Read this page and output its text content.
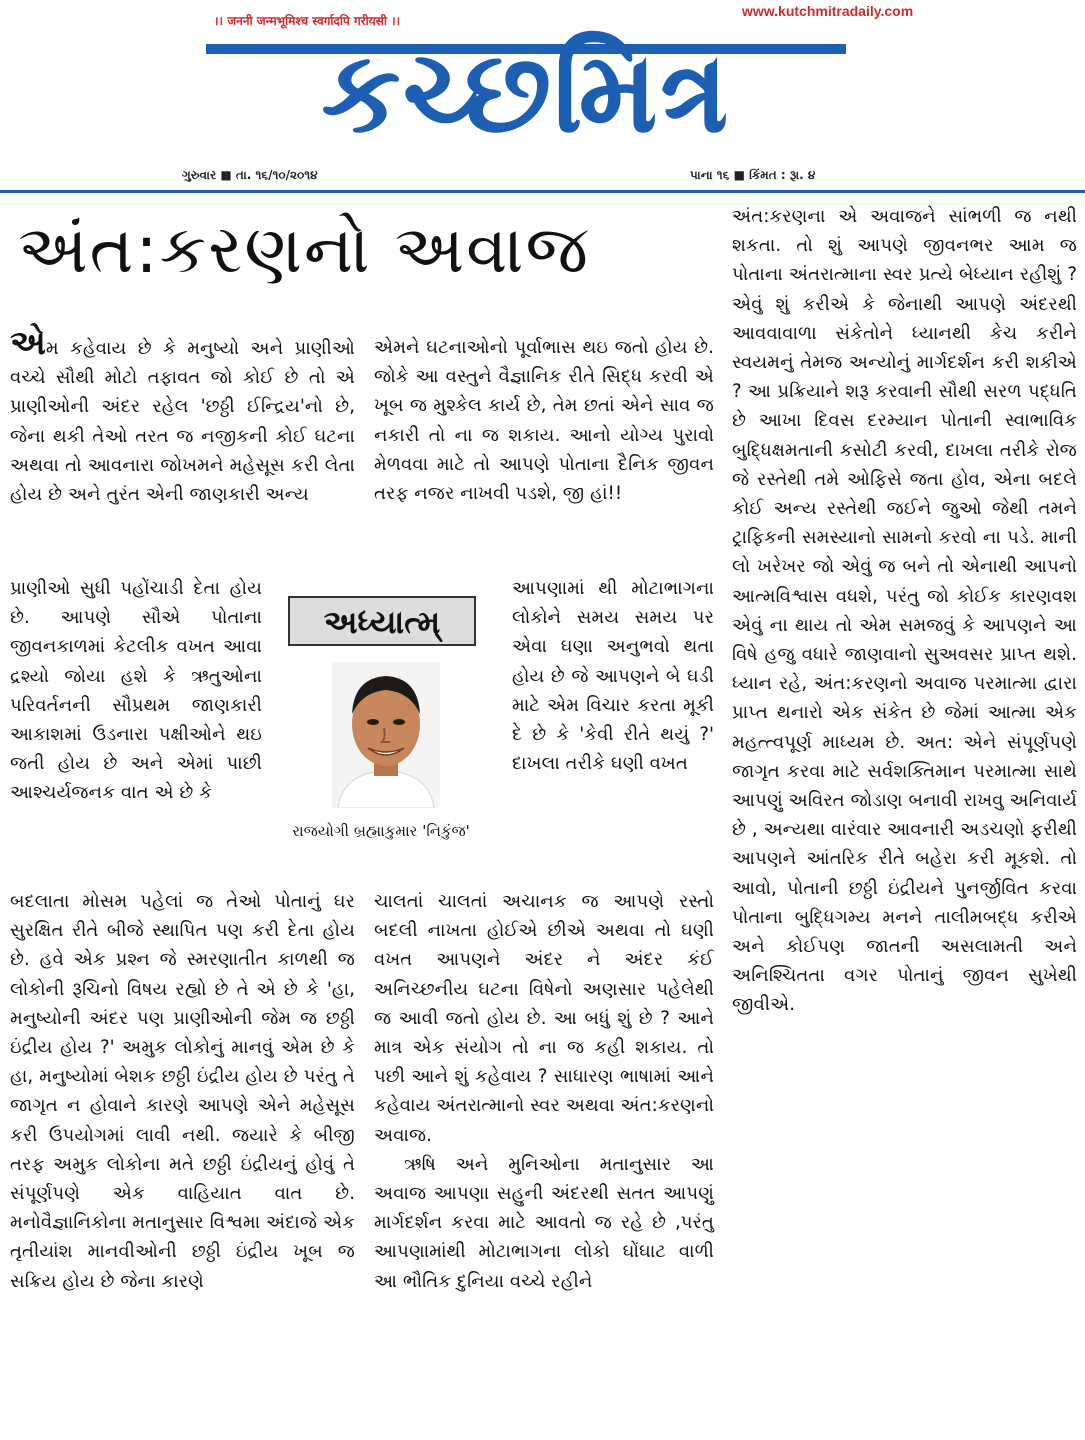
।। जननी जन्मभूमिश्च स्वर्गादपि गरीयसी ।।
www.kutchmitradaily.com
કચ્છમિત્ર
ગુરુવાર ■ તા. ૧૬/૧૦/૨૦૧૪	પાના ૧૬ ■ કિંમત : રૂા. ૪
અંત:કરણનો અવાજ

એમ કહેવાય છે કે મનુષ્યો અને પ્રાણીઓ વચ્ચે સૌથી મોટો તફાવત જો કોઈ છે તો એ પ્રાણીઓની અંદર રહેલ 'છઠ્ઠી ઈન્દ્રિય'નો છે, જેના થકી તેઓ તરત જ નજીકની કોઈ ઘટના અથવા તો આવનારા જોખમને મહેસૂસ કરી લેતા હોય છે અને તુરંત એની જાણકારી અન્ય

પ્રાણીઓ સુધી પહોંચાડી દેતા હોય છે. આપણે સૌએ પોતાના જીવનકાળમાં કેટલીક વખત આવા દ્રશ્યો જોયા હશે કે ઋતુઓના પરિવર્તનની સૌપ્રથમ જાણકારી આકાશમાં ઉડનારા પક્ષીઓને થઇ જતી હોય છે અને એમાં પાછી આશ્ચર્યજનક વાત એ છે કે

બદલાતા મોસમ પહેલાં જ તેઓ પોતાનું ઘર સુરક્ષિત રીતે બીજે સ્થાપિત પણ કરી દેતા હોય છે. હવે એક પ્રશ્ન જે સ્મરણાતીત કાળથી જ લોકોની રૂચિનો વિષય રહ્યો છે તે એ છે કે 'હા, મનુષ્યોની અંદર પણ પ્રાણીઓની જેમ જ છઠ્ઠી ઇંદ્રીય હોય ?' અમુક લોકોનું માનવું એમ છે કે હા, મનુષ્યોમાં બેશક છઠ્ઠી ઇંદ્રીય હોય છે પરંતુ તે જાગૃત ન હોવાને કારણે આપણે એને મહેસૂસ કરી ઉપયોગમાં લાવી નથી. જયારે કે બીજી તરફ અમુક લોકોના મતે છઠ્ઠી ઇંદ્રીયનું હોવું તે સંપૂર્ણપણે એક વાહિયાત વાત છે. મનોવૈજ્ઞાનિકોના મતાનુસાર વિશ્વમા અંદાજે એક તૃતીયાંશ માનવીઓની છઠ્ઠી ઇંદ્રીય ખૂબ જ સક્રિય હોય છે જેના કારણે

એમને ઘટનાઓનો પૂર્વાભાસ થઇ જતો હોય છે. જોકે આ વસ્તુને વૈજ્ઞાનિક રીતે સિદ્ધ કરવી એ ખૂબ જ મુશ્કેલ કાર્ય છે, તેમ છતાં એને સાવ જ નકારી તો ના જ શકાય. આનો યોગ્ય પુરાવો મેળવવા માટે તો આપણે પોતાના દૈનિક જીવન તરફ નજર નાખવી પડશે, જી હાં!!

આપણામાં થી મોટાભાગના લોકોને સમય સમય પર એવા ઘણા અનુભવો થતા હોય છે જે આપણને બે ઘડી માટે એમ વિચાર કરતા મૂકી દે છે કે 'કેવી રીતે થયું ?' દાખલા તરીકે ઘણી વખત

ચાલતાં ચાલતાં અચાનક જ આપણે રસ્તો બદલી નાખતા હોઈએ છીએ અથવા તો ઘણી વખત આપણને અંદર ને અંદર કંઈ અનિચ્છનીય ઘટના વિષેનો અણસાર પહેલેથી જ આવી જતો હોય છે. આ બધું શું છે ? આને માત્ર એક સંયોગ તો ના જ કહી શકાય. તો પછી આને શું કહેવાય ? સાધારણ ભાષામાં આને કહેવાય અંતરાત્માનો સ્વર અથવા અંત:કરણનો અવાજ.

ઋષિ અને મુનિઓના મતાનુસાર આ અવાજ આપણા સહુની અંદરથી સતત આપણું માર્ગદર્શન કરવા માટે આવતો જ રહે છે ,પરંતુ આપણામાંથી મોટાભાગના લોકો ઘોંઘાટ વાળી આ ભૌતિક દુનિયા વચ્ચે રહીને

અંત:કરણના એ અવાજને સાંભળી જ નથી શકતા. તો શું આપણે જીવનભર આમ જ પોતાના અંતરાત્માના સ્વર પ્રત્યે બેધ્યાન રહીશું ? એવું શું કરીએ કે જેનાથી આપણે અંદરથી આવવાવાળા સંકેતોને ધ્યાનથી કેચ કરીને સ્વયમનું તેમજ અન્યોનું માર્ગદર્શન કરી શકીએ ? આ પ્રક્રિયાને શરૂ કરવાની સૌથી સરળ પદ્ધતિ છે આખા દિવસ દરમ્યાન પોતાની સ્વાભાવિક બુદ્ધિક્ષમતાની કસોટી કરવી, દાખલા તરીકે રોજ જે રસ્તેથી તમે ઓફિસે જતા હોવ, એના બદલે કોઈ અન્ય રસ્તેથી જઈને જુઓ જેથી તમને ટ્રાફિકની સમસ્યાનો સામનો કરવો ના પડે. માની લો ખરેખર જો એવું જ બને તો એનાથી આપનો આત્મવિશ્વાસ વધશે, પરંતુ જો કોઈક કારણવશ એવું ના થાય તો એમ સમજવું કે આપણને આ વિષે હજુ વધારે જાણવાનો સુઅવસર પ્રાપ્ત થશે. ધ્યાન રહે, અંત:કરણનો અવાજ પરમાત્મા દ્વારા પ્રાપ્ત થનારો એક સંકેત છે જેમાં આત્મા એક મહત્ત્વપૂર્ણ માધ્યમ છે. અત: એને સંપૂર્ણપણે જાગૃત કરવા માટે સર્વશક્તિમાન પરમાત્મા સાથે આપણું અવિરત જોડાણ બનાવી રાખવુ અનિવાર્ય છે , અન્યથા વારંવાર આવનારી અડચણો ફરીથી આપણને આંતરિક રીતે બહેરા કરી મૂકશે. તો આવો, પોતાની છઠ્ઠી ઇંદ્રીયને પુનર્જીવિત કરવા પોતાના બુદ્ધિગમ્ય મનને તાલીમબદ્ધ કરીએ અને કોઈપણ જાતની અસલામતી અને અનિશ્ચિતતા વગર પોતાનું જીવન સુખેથી જીવીએ.

અધ્યાત્મ્
રાજયોગી બ્રહ્માકુમાર 'નિકુંજ'
